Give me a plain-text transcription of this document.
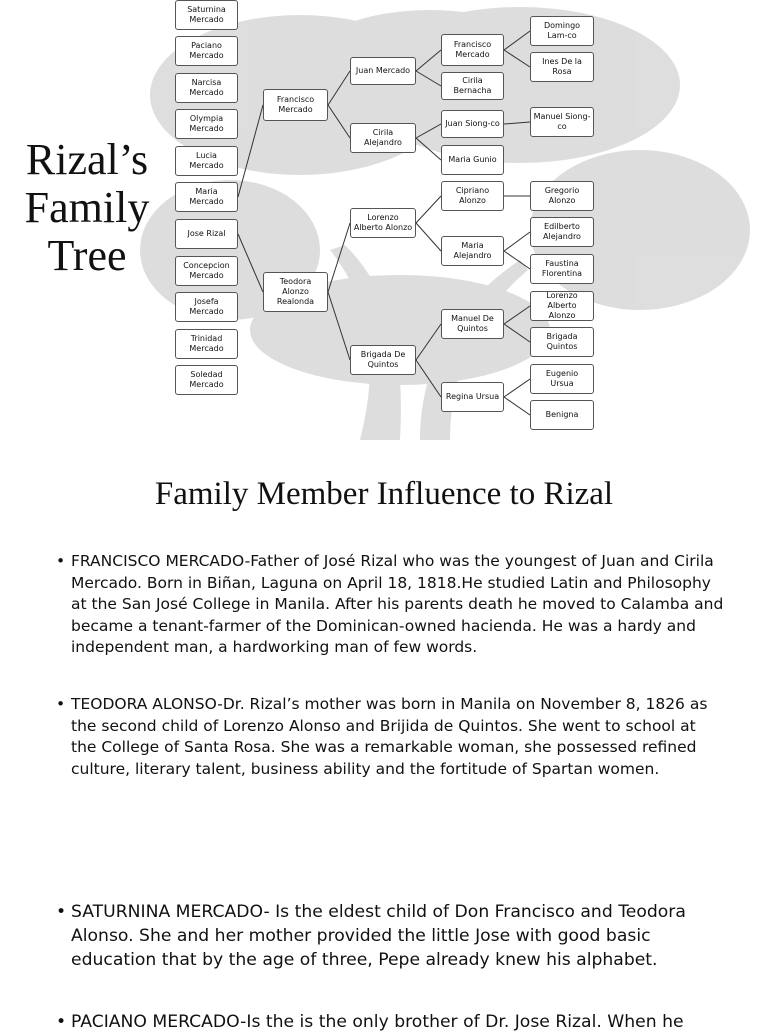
Rizal’s
Family
Tree
Saturnina Mercado
Paciano Mercado
Narcisa Mercado
Olympia Mercado
Lucia Mercado
Maria Mercado
Jose Rizal
Concepcion Mercado
Josefa Mercado
Trinidad Mercado
Soledad Mercado
Francisco Mercado
Teodora Alonzo Realonda
Juan Mercado
Cirila Alejandro
Lorenzo Alberto Alonzo
Brigada De Quintos
Francisco Mercado
Cirila Bernacha
Juan Siong-co
Maria Gunio
Cipriano Alonzo
Maria Alejandro
Manuel De Quintos
Regina Ursua
Domingo Lam-co
Ines De la Rosa
Manuel Siong-co
Gregorio Alonzo
Edilberto Alejandro
Faustina Florentina
Lorenzo Alberto Alonzo
Brigada Quintos
Eugenio Ursua
Benigna
Family Member Influence to Rizal
• FRANCISCO MERCADO-Father of José Rizal who was the youngest of Juan and Cirila Mercado. Born in Biñan, Laguna on April 18, 1818.He studied Latin and Philosophy at the San José College in Manila. After his parents death he moved to Calamba and became a tenant-farmer of the Dominican-owned hacienda. He was a hardy and independent man, a hardworking man of few words.
• TEODORA ALONSO-Dr. Rizal’s mother was born in Manila on November 8, 1826 as the second child of Lorenzo Alonso and Brijida de Quintos. She went to school at the College of Santa Rosa. She was a remarkable woman, she possessed refined culture, literary talent, business ability and the fortitude of Spartan women.
• SATURNINA MERCADO- Is the eldest child of Don Francisco and Teodora Alonso. She and her mother provided the little Jose with good basic education that by the age of three, Pepe already knew his alphabet.
• PACIANO MERCADO-Is the is the only brother of Dr. Jose Rizal. When he
